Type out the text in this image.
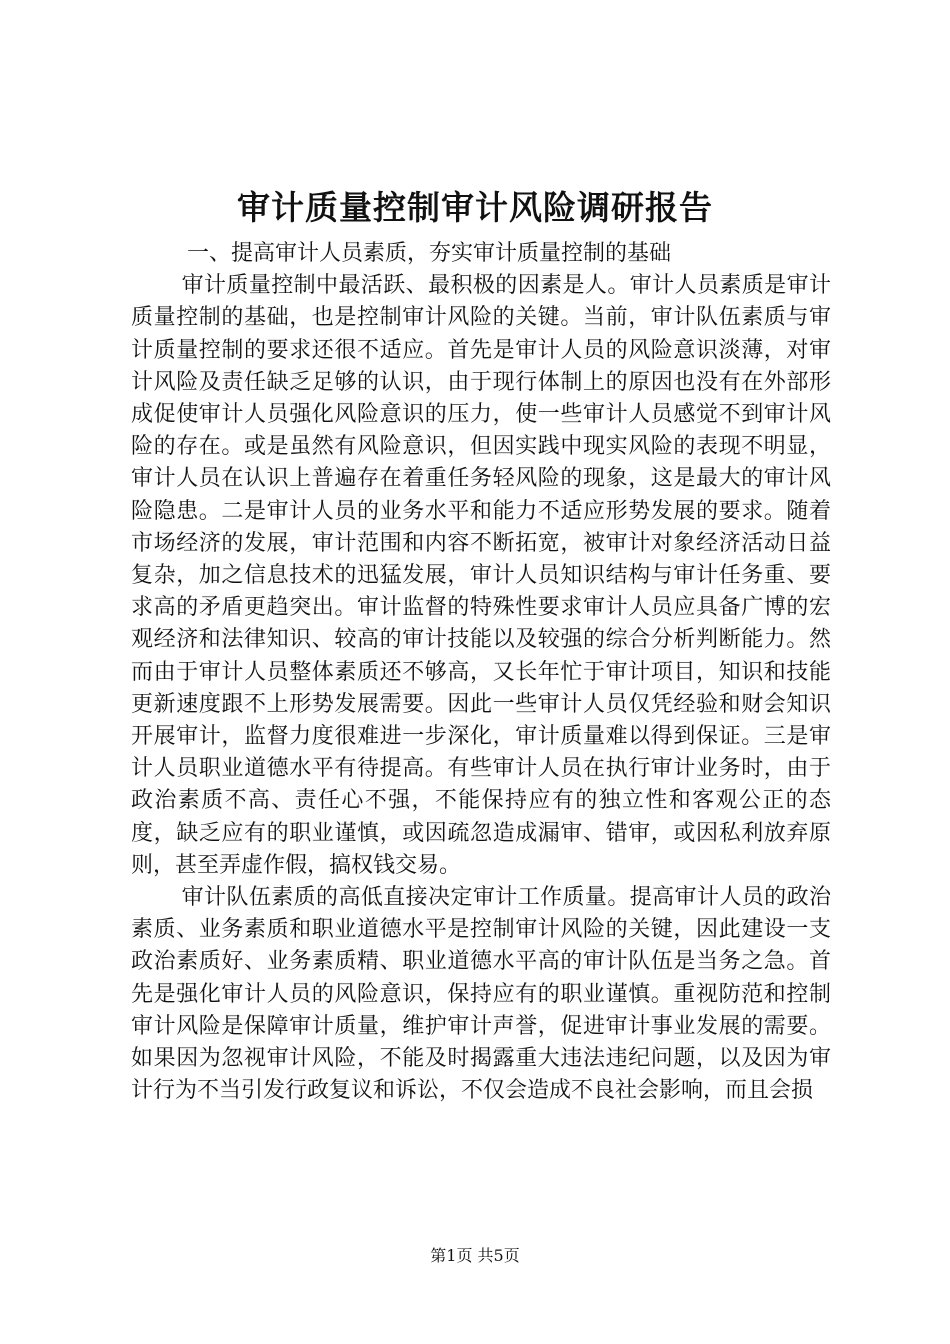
审计质量控制审计风险调研报告

一、提高审计人员素质，夯实审计质量控制的基础

审计质量控制中最活跃、最积极的因素是人。审计人员素质是审计质量控制的基础，也是控制审计风险的关键。当前，审计队伍素质与审计质量控制的要求还很不适应。首先是审计人员的风险意识淡薄，对审计风险及责任缺乏足够的认识，由于现行体制上的原因也没有在外部形成促使审计人员强化风险意识的压力，使一些审计人员感觉不到审计风险的存在。或是虽然有风险意识，但因实践中现实风险的表现不明显，审计人员在认识上普遍存在着重任务轻风险的现象，这是最大的审计风险隐患。二是审计人员的业务水平和能力不适应形势发展的要求。随着市场经济的发展，审计范围和内容不断拓宽，被审计对象经济活动日益复杂，加之信息技术的迅猛发展，审计人员知识结构与审计任务重、要求高的矛盾更趋突出。审计监督的特殊性要求审计人员应具备广博的宏观经济和法律知识、较高的审计技能以及较强的综合分析判断能力。然而由于审计人员整体素质还不够高，又长年忙于审计项目，知识和技能更新速度跟不上形势发展需要。因此一些审计人员仅凭经验和财会知识开展审计，监督力度很难进一步深化，审计质量难以得到保证。三是审计人员职业道德水平有待提高。有些审计人员在执行审计业务时，由于政治素质不高、责任心不强，不能保持应有的独立性和客观公正的态度，缺乏应有的职业谨慎，或因疏忽造成漏审、错审，或因私利放弃原则，甚至弄虚作假，搞权钱交易。

审计队伍素质的高低直接决定审计工作质量。提高审计人员的政治素质、业务素质和职业道德水平是控制审计风险的关键，因此建设一支政治素质好、业务素质精、职业道德水平高的审计队伍是当务之急。首先是强化审计人员的风险意识，保持应有的职业谨慎。重视防范和控制审计风险是保障审计质量，维护审计声誉，促进审计事业发展的需要。如果因为忽视审计风险，不能及时揭露重大违法违纪问题，以及因为审计行为不当引发行政复议和诉讼，不仅会造成不良社会影响，而且会损

第1页 共5页
